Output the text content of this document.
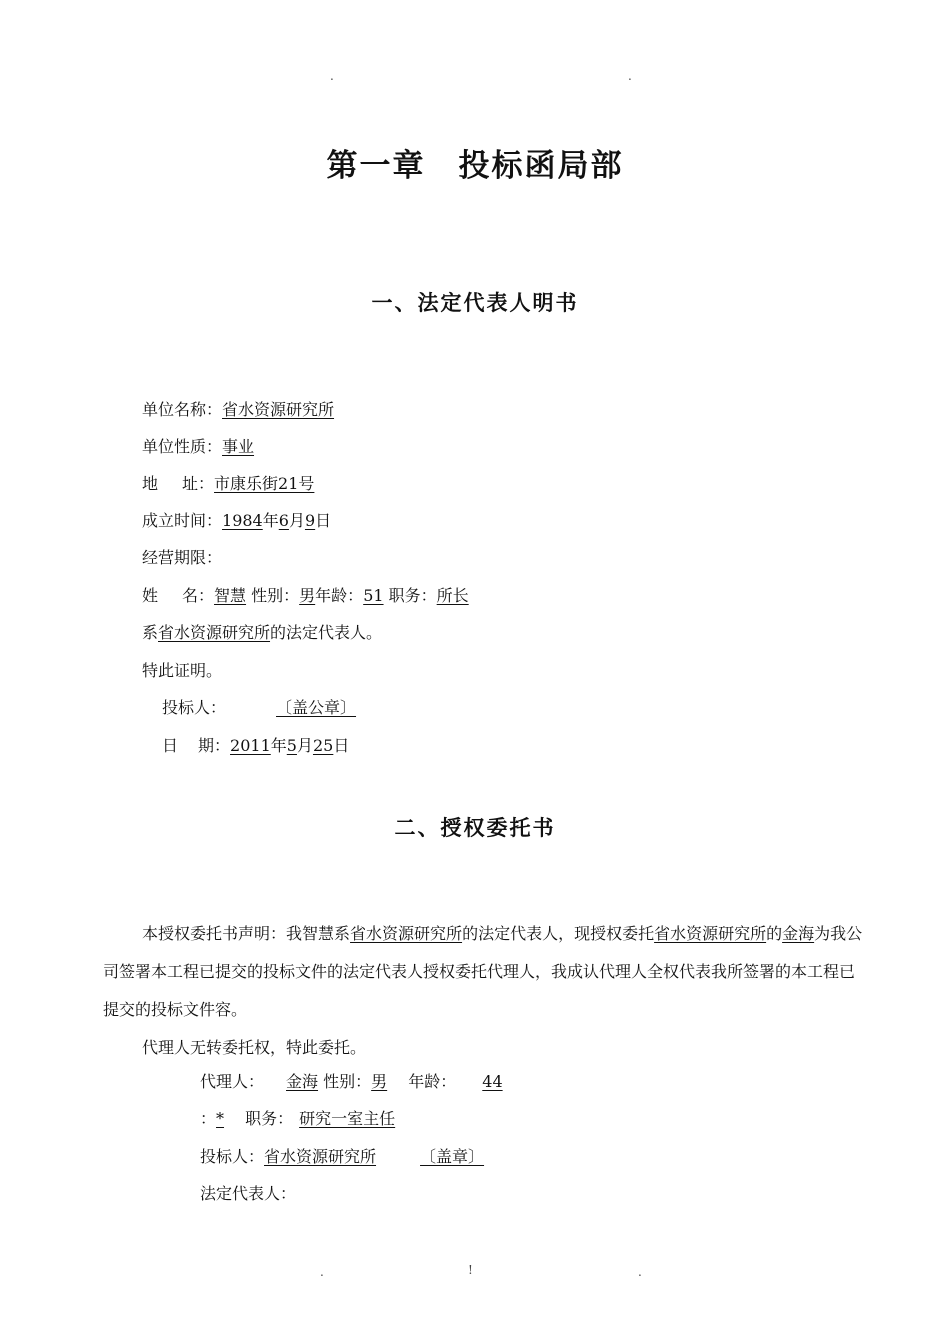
.	.
第一章　投标函局部
一、法定代表人明书
单位名称：省水资源研究所
单位性质：事业
地 址：市康乐街21号
成立时间：1984年6月9日
经营期限：
姓 名：智慧 性别：男年龄：51 职务：所长
系省水资源研究所的法定代表人。
特此证明。
投标人：	〔盖公章〕
日 期：2011年5月25日
二、授权委托书
本授权委托书声明：我智慧系省水资源研究所的法定代表人，现授权委托省水资源研究所的金海为我公司签署本工程已提交的投标文件的法定代表人授权委托代理人，我成认代理人全权代表我所签署的本工程已提交的投标文件容。
代理人无转委托权，特此委托。
代理人： 金海 性别：男 年龄： 44
：* 职务： 研究一室主任
投标人：省水资源研究所	〔盖章〕
法定代表人：
.	!	.
